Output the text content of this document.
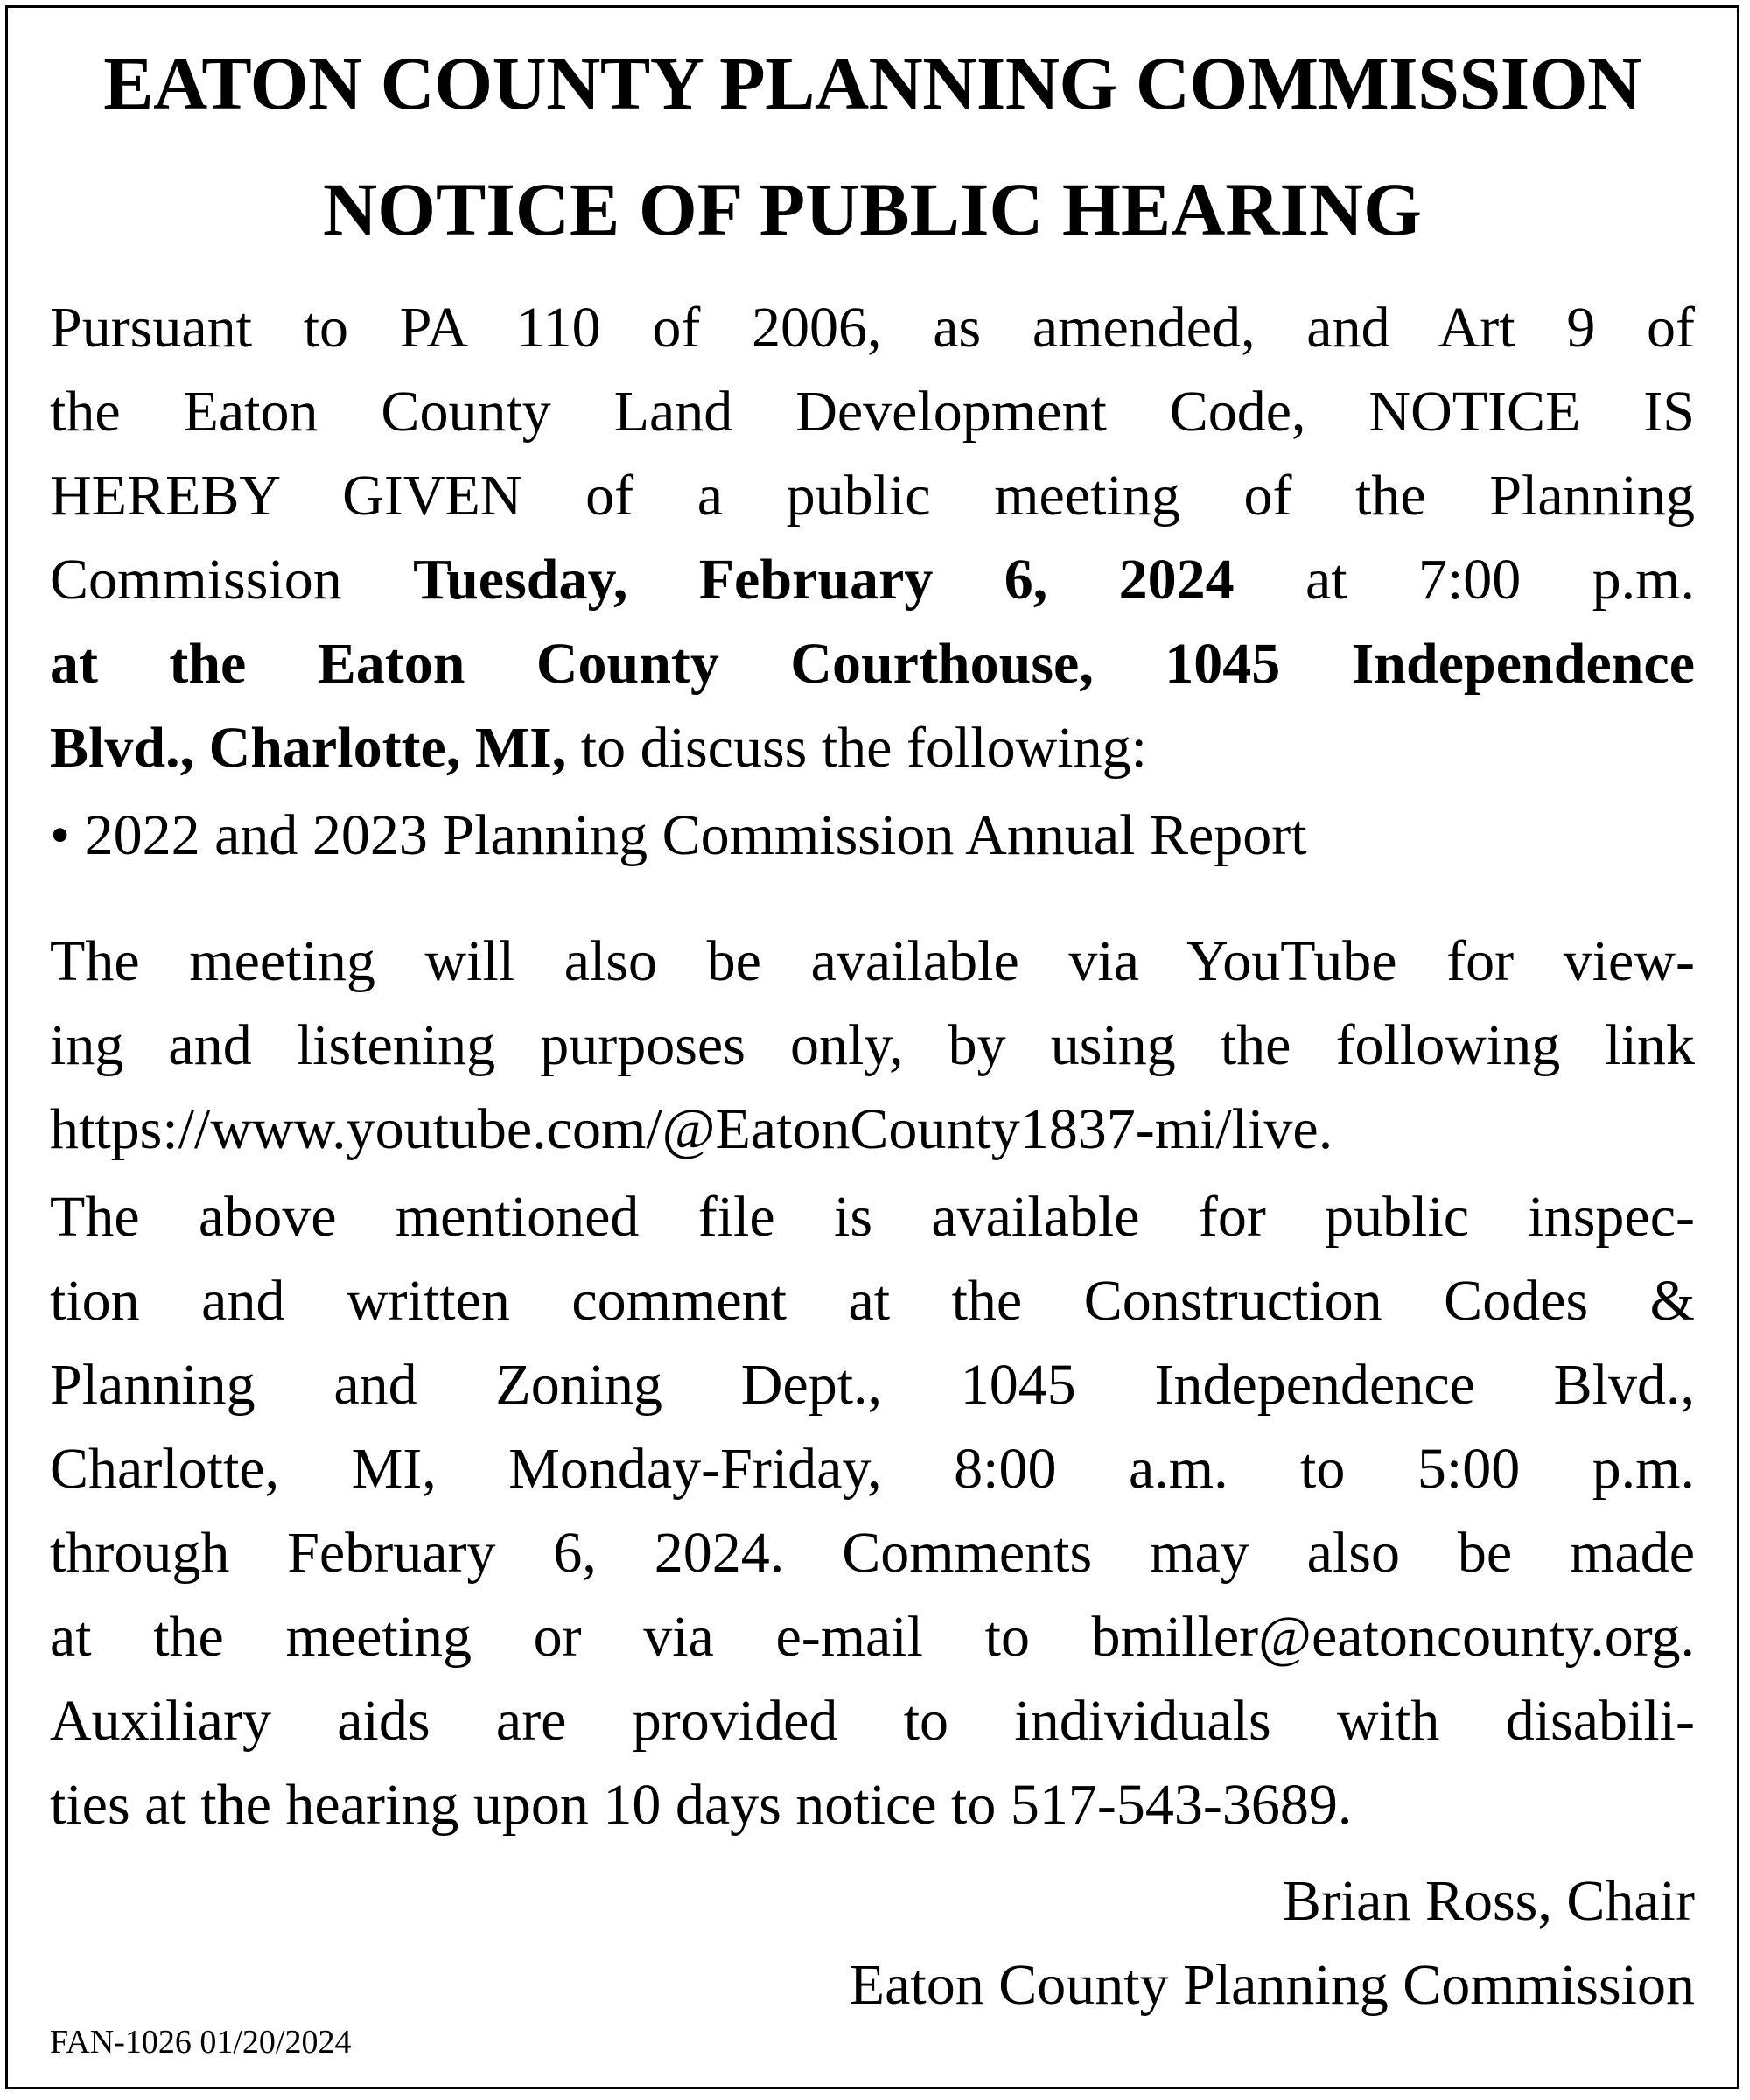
EATON COUNTY PLANNING COMMISSION
NOTICE OF PUBLIC HEARING
Pursuant to PA 110 of 2006, as amended, and Art 9 of
the Eaton County Land Development Code, NOTICE IS
HEREBY GIVEN of a public meeting of the Planning
Commission Tuesday, February 6, 2024 at 7:00 p.m.
at the Eaton County Courthouse, 1045 Independence
Blvd., Charlotte, MI, to discuss the following:
• 2022 and 2023 Planning Commission Annual Report
The meeting will also be available via YouTube for view-
ing and listening purposes only, by using the following link
https://www.youtube.com/@EatonCounty1837-mi/live.
The above mentioned file is available for public inspec-
tion and written comment at the Construction Codes &
Planning and Zoning Dept., 1045 Independence Blvd.,
Charlotte, MI, Monday-Friday, 8:00 a.m. to 5:00 p.m.
through February 6, 2024. Comments may also be made
at the meeting or via e-mail to bmiller@eatoncounty.org.
Auxiliary aids are provided to individuals with disabili-
ties at the hearing upon 10 days notice to 517-543-3689.
Brian Ross, Chair
Eaton County Planning Commission
FAN-1026 01/20/2024
